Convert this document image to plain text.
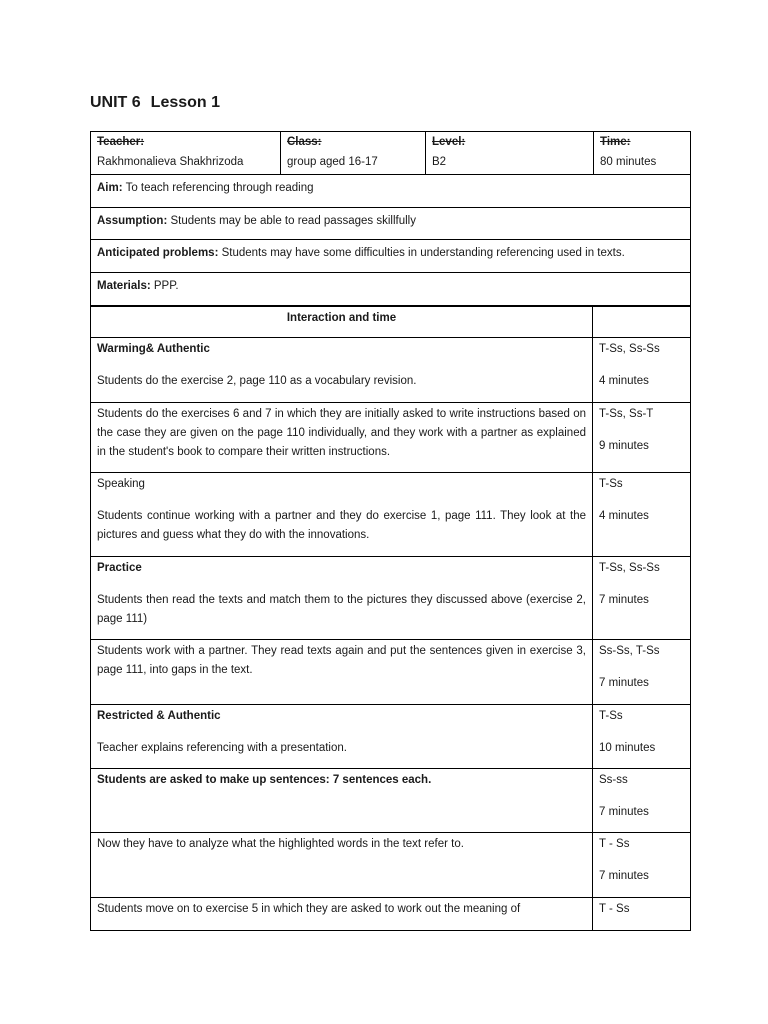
UNIT 6 Lesson 1
Teacher:
Rakhmonalieva Shakhrizoda
Class:
group aged 16-17
Level:
B2
Time:
80 minutes
Aim: To teach referencing through reading
Assumption: Students may be able to read passages skillfully
Anticipated problems: Students may have some difficulties in understanding referencing used in texts.
Materials: PPP.
Interaction and time
Warming& Authentic
Students do the exercise 2, page 110 as a vocabulary revision.
T-Ss, Ss-Ss
4 minutes
Students do the exercises 6 and 7 in which they are initially asked to write instructions based on the case they are given on the page 110 individually, and they work with a partner as explained in the student's book to compare their written instructions.
T-Ss, Ss-T
9 minutes
Speaking
Students continue working with a partner and they do exercise 1, page 111. They look at the pictures and guess what they do with the innovations.
T-Ss
4 minutes
Practice
Students then read the texts and match them to the pictures they discussed above (exercise 2, page 111)
T-Ss, Ss-Ss
7 minutes
Students work with a partner. They read texts again and put the sentences given in exercise 3, page 111, into gaps in the text.
Ss-Ss, T-Ss
7 minutes
Restricted & Authentic
Teacher explains referencing with a presentation.
T-Ss
10 minutes
Students are asked to make up sentences: 7 sentences each.	Ss-ss
7 minutes
Now they have to analyze what the highlighted words in the text refer to.	T - Ss
7 minutes
Students move on to exercise 5 in which they are asked to work out the meaning of	T - Ss
